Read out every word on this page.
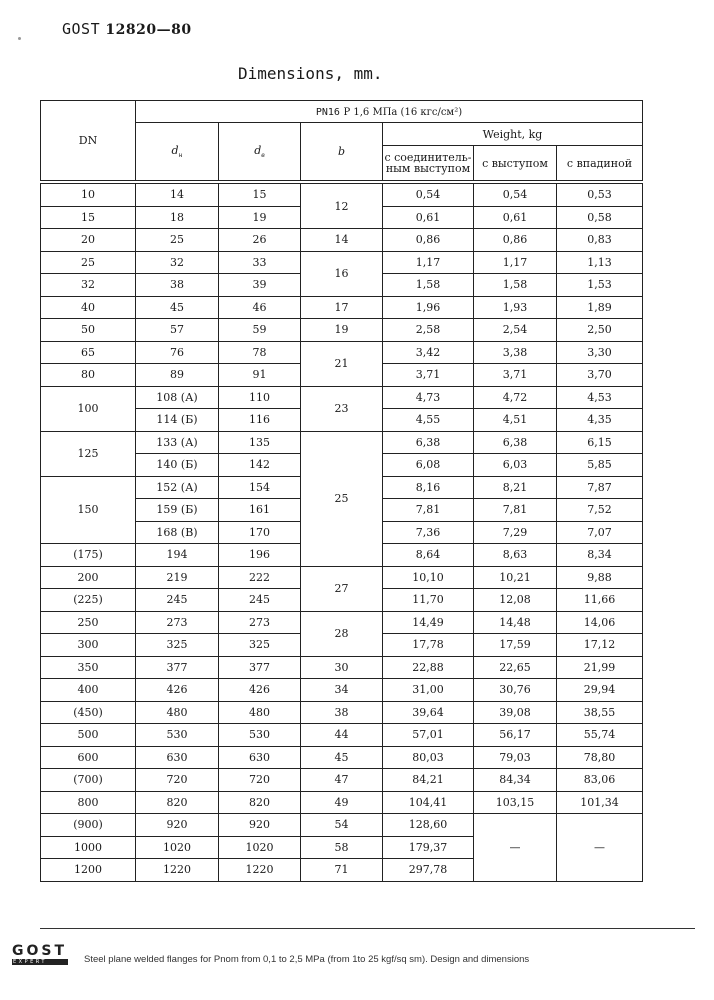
GOST 12820—80
Dimensions, mm.
DN	PN16 P 1,6 МПа (16 кгс/см²)					
	$d_н$	$d_в$	b	Weight, kg		
				с соединитель-ным выступом	с выступом	с впадиной

10	14	15	12	0,54	0,54	0,53
15	18	19		0,61	0,61	0,58
20	25	26	14	0,86	0,86	0,83
25	32	33	16	1,17	1,17	1,13
32	38	39		1,58	1,58	1,53
40	45	46	17	1,96	1,93	1,89
50	57	59	19	2,58	2,54	2,50
65	76	78	21	3,42	3,38	3,30
80	89	91		3,71	3,71	3,70
100	108 (А)	110	23	4,73	4,72	4,53
	114 (Б)	116		4,55	4,51	4,35
125	133 (А)	135	25	6,38	6,38	6,15
	140 (Б)	142		6,08	6,03	5,85
150	152 (А)	154		8,16	8,21	7,87
	159 (Б)	161		7,81	7,81	7,52
	168 (В)	170		7,36	7,29	7,07
(175)	194	196		8,64	8,63	8,34
200	219	222	27	10,10	10,21	9,88
(225)	245	245		11,70	12,08	11,66
250	273	273	28	14,49	14,48	14,06
300	325	325		17,78	17,59	17,12
350	377	377	30	22,88	22,65	21,99
400	426	426	34	31,00	30,76	29,94
(450)	480	480	38	39,64	39,08	38,55
500	530	530	44	57,01	56,17	55,74
600	630	630	45	80,03	79,03	78,80
(700)	720	720	47	84,21	84,34	83,06
800	820	820	49	104,41	103,15	101,34
(900)	920	920	54	128,60	—	—
1000	1020	1020	58	179,37		
1200	1220	1220	71	297,78		
GOST
EXPERT	Steel plane welded flanges for Pnom from 0,1 to 2,5 MPa (from 1to 25 kgf/sq sm). Design and dimensions
